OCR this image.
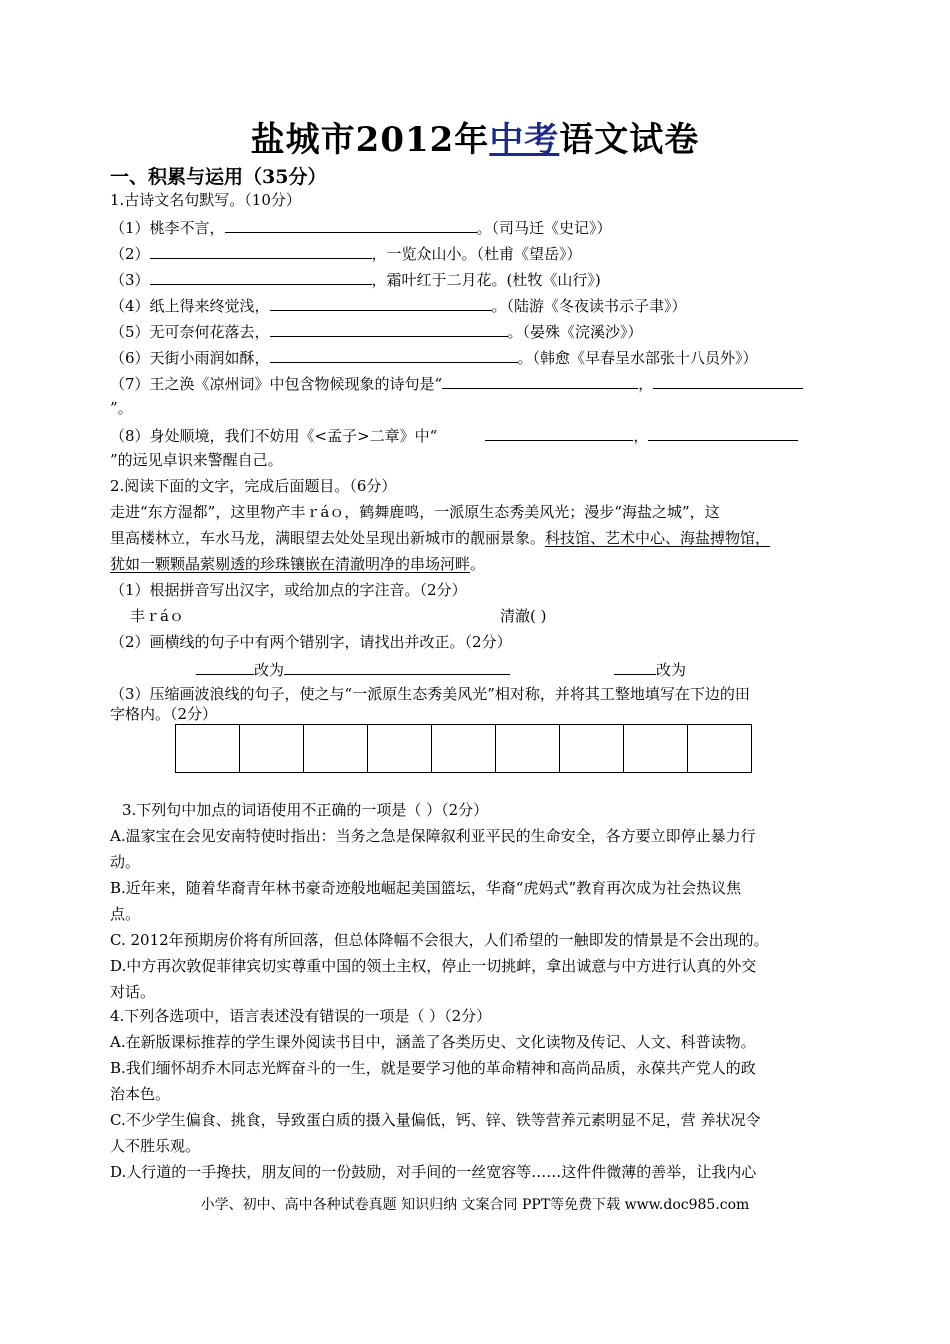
盐城市2012年中考语文试卷
一、积累与运用（35分）
1.古诗文名句默写。（10分）
（1）桃李不言，	。（司马迁《史记》）
（2）	，一览众山小。（杜甫《望岳》）
（3）	，霜叶红于二月花。(杜牧《山行》)
（4）纸上得来终觉浅，	。（陆游《冬夜读书示子聿》）
（5）无可奈何花落去，	。（晏殊《浣溪沙》）
（6）天街小雨润如酥，	。（韩愈《早春呈水部张十八员外》）
（7）王之涣《凉州词》中包含物候现象的诗句是“	，
”。
（8）身处顺境，我们不妨用《<孟子>二章》中“	，
”的远见卓识来警醒自己。
2.阅读下面的文字，完成后面题目。（6分）
走进“东方湿都”，这里物产丰ｒáｏ，鹤舞鹿鸣，一派原生态秀美风光；漫步“海盐之城”，这
里高楼林立，车水马龙，满眼望去处处呈现出新城市的靓丽景象。科技馆、艺术中心、海盐搏物馆，
犹如一颗颗晶萦剔透的珍珠镶嵌在清澈明净的串场河畔。
（1）根据拼音写出汉字，或给加点的字注音。（2分）
丰ｒáｏ	清澈( )
（2）画横线的句子中有两个错别字，请找出并改正。（2分）
改为	改为
（3）压缩画波浪线的句子，使之与“一派原生态秀美风光”相对称，并将其工整地填写在下边的田
字格内。（2分）

3.下列句中加点的词语使用不正确的一项是（ ）（2分）
A.温家宝在会见安南特使时指出：当务之急是保障叙利亚平民的生命安全，各方要立即停止暴力行
动。
B.近年来，随着华裔青年林书豪奇迹般地崛起美国篮坛，华裔“虎妈式”教育再次成为社会热议焦
点。
C. 2012年预期房价将有所回落，但总体降幅不会很大，人们希望的一触即发的情景是不会出现的。
D.中方再次敦促菲律宾切实尊重中国的领土主权，停止一切挑衅，拿出诚意与中方进行认真的外交
对话。
4.下列各选项中，语言表述没有错误的一项是（ ）（2分）
A.在新版课标推荐的学生课外阅读书目中，涵盖了各类历史、文化读物及传记、人文、科普读物。
B.我们缅怀胡乔木同志光辉奋斗的一生，就是要学习他的革命精神和高尚品质，永葆共产党人的政
治本色。
C.不少学生偏食、挑食，导致蛋白质的摄入量偏低，钙、锌、铁等营养元素明显不足，营 养状况令
人不胜乐观。
D.人行道的一手搀扶，朋友间的一份鼓励，对手间的一丝宽容等……这件件微薄的善举，让我内心
小学、初中、高中各种试卷真题 知识归纳 文案合同 PPT等免费下载 www.doc985.com
